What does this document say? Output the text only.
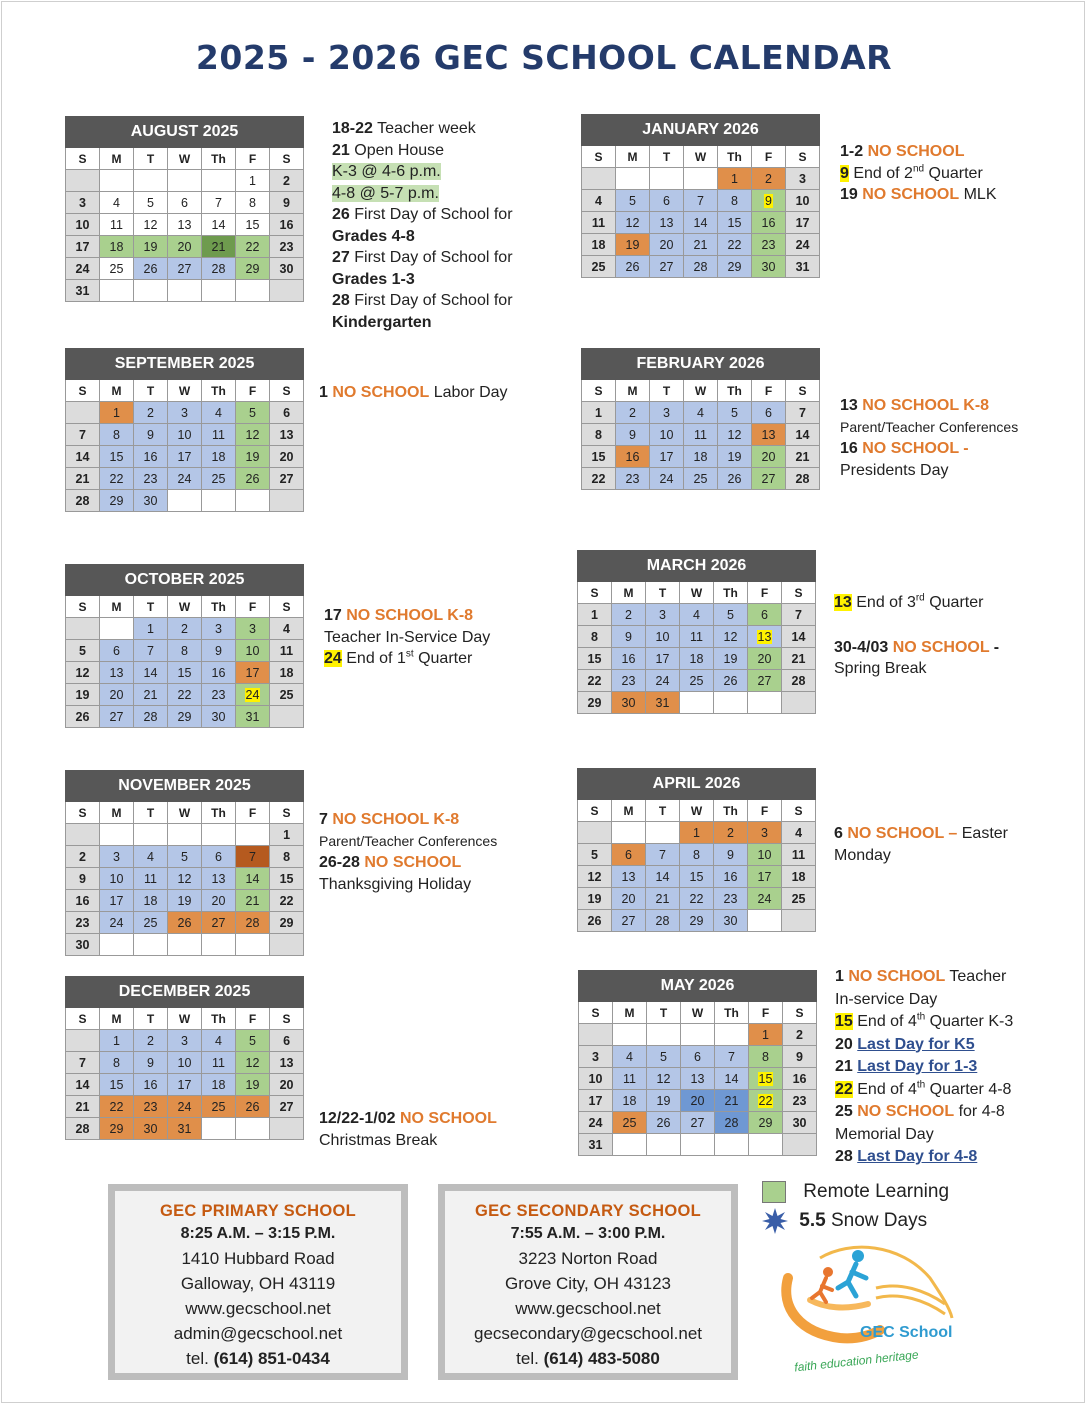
2025 - 2026 GEC SCHOOL CALENDAR
AUGUST 2025						
S	M	T	W	Th	F	S
					1	2
3	4	5	6	7	8	9
10	11	12	13	14	15	16
17	18	19	20	21	22	23
24	25	26	27	28	29	30
31						
SEPTEMBER 2025						
S	M	T	W	Th	F	S
	1	2	3	4	5	6
7	8	9	10	11	12	13
14	15	16	17	18	19	20
21	22	23	24	25	26	27
28	29	30				
OCTOBER 2025						
S	M	T	W	Th	F	S
		1	2	3	3	4
5	6	7	8	9	10	11
12	13	14	15	16	17	18
19	20	21	22	23	24	25
26	27	28	29	30	31	
NOVEMBER 2025						
S	M	T	W	Th	F	S
						1
2	3	4	5	6	7	8
9	10	11	12	13	14	15
16	17	18	19	20	21	22
23	24	25	26	27	28	29
30						
DECEMBER 2025						
S	M	T	W	Th	F	S
	1	2	3	4	5	6
7	8	9	10	11	12	13
14	15	16	17	18	19	20
21	22	23	24	25	26	27
28	29	30	31			
JANUARY 2026						
S	M	T	W	Th	F	S
				1	2	3
4	5	6	7	8	9	10
11	12	13	14	15	16	17
18	19	20	21	22	23	24
25	26	27	28	29	30	31
FEBRUARY 2026						
S	M	T	W	Th	F	S
1	2	3	4	5	6	7
8	9	10	11	12	13	14
15	16	17	18	19	20	21
22	23	24	25	26	27	28
MARCH 2026						
S	M	T	W	Th	F	S
1	2	3	4	5	6	7
8	9	10	11	12	13	14
15	16	17	18	19	20	21
22	23	24	25	26	27	28
29	30	31				
APRIL 2026						
S	M	T	W	Th	F	S
			1	2	3	4
5	6	7	8	9	10	11
12	13	14	15	16	17	18
19	20	21	22	23	24	25
26	27	28	29	30		
MAY 2026						
S	M	T	W	Th	F	S
					1	2
3	4	5	6	7	8	9
10	11	12	13	14	15	16
17	18	19	20	21	22	23
24	25	26	27	28	29	30
31						
18-22 Teacher week
21 Open House
K-3 @ 4-6 p.m.
4-8 @ 5-7 p.m.
26 First Day of School for
Grades 4-8
27 First Day of School for
Grades 1-3
28 First Day of School for
Kindergarten
1 NO SCHOOL Labor Day
17 NO SCHOOL K-8
Teacher In-Service Day
24 End of 1st Quarter
7 NO SCHOOL K-8
Parent/Teacher Conferences
26-28 NO SCHOOL
Thanksgiving Holiday
12/22-1/02 NO SCHOOL
Christmas Break
1-2 NO SCHOOL
9 End of 2nd Quarter
19 NO SCHOOL MLK
13 NO SCHOOL K-8
Parent/Teacher Conferences
16 NO SCHOOL -
Presidents Day
13 End of 3rd Quarter
30-4/03 NO SCHOOL -
Spring Break
6 NO SCHOOL – Easter
Monday
1 NO SCHOOL Teacher
In-service Day
15 End of 4th Quarter K-3
20 Last Day for K5
21 Last Day for 1-3
22 End of 4th Quarter 4-8
25 NO SCHOOL for 4-8
Memorial Day
28 Last Day for 4-8
GEC PRIMARY SCHOOL
8:25 A.M. – 3:15 P.M.
1410 Hubbard Road
Galloway, OH 43119
www.gecschool.net
admin@gecschool.net
tel. (614) 851-0434
GEC SECONDARY SCHOOL
7:55 A.M. – 3:00 P.M.
3223 Norton Road
Grove City, OH 43123
www.gecschool.net
gecsecondary@gecschool.net
tel. (614) 483-5080
Remote Learning
5.5 Snow Days
GEC School
faith education heritage
